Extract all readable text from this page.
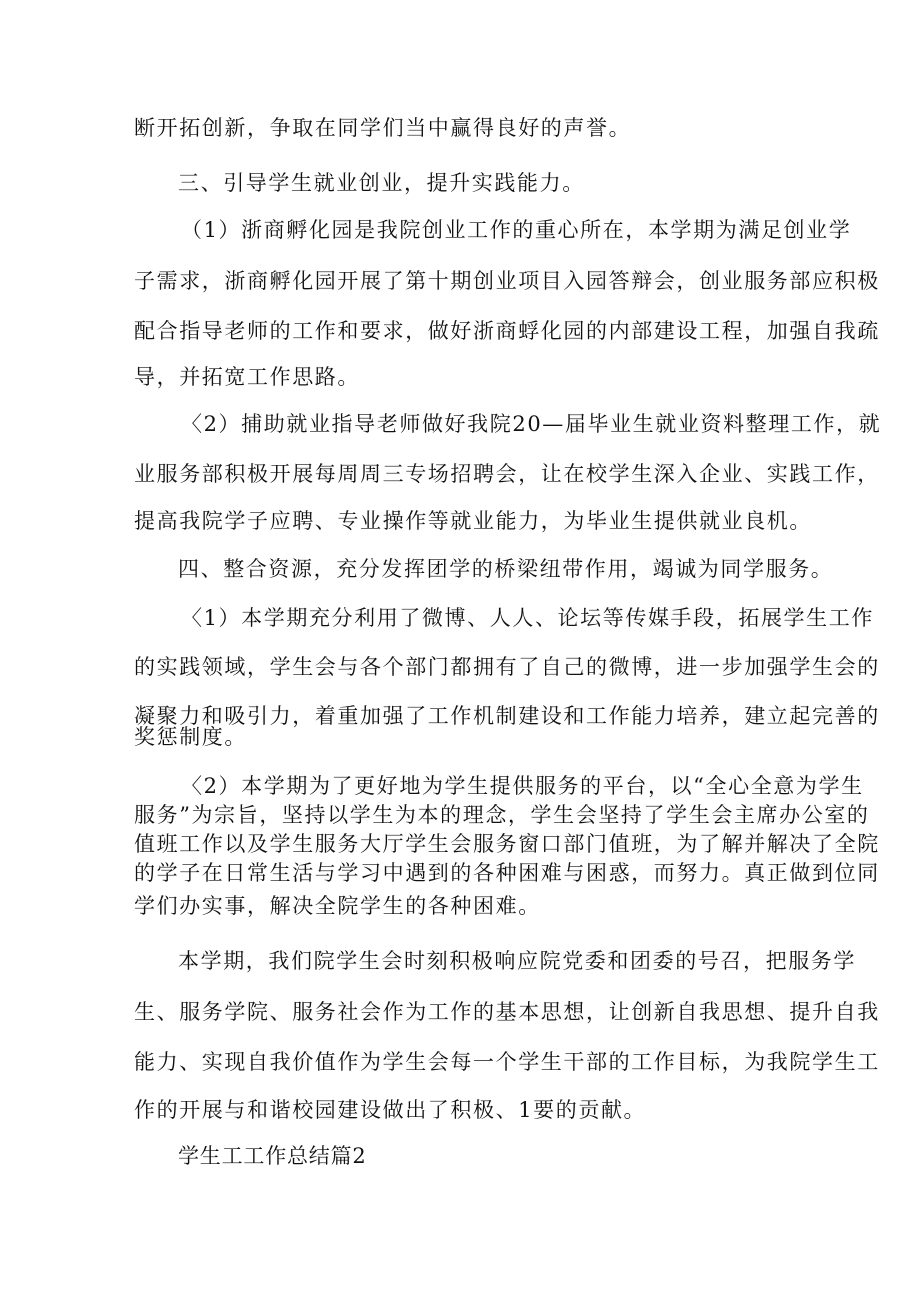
断开拓创新，争取在同学们当中赢得良好的声誉。
三、引导学生就业创业，提升实践能力。
（1）浙商孵化园是我院创业工作的重心所在，本学期为满足创业学
子需求，浙商孵化园开展了第十期创业项目入园答辩会，创业服务部应积极
配合指导老师的工作和要求，做好浙商蜉化园的内部建设工程，加强自我疏
导，并拓宽工作思路。
〈2）捕助就业指导老师做好我院20—届毕业生就业资料整理工作，就
业服务部积极开展每周周三专场招聘会，让在校学生深入企业、实践工作，
提高我院学子应聘、专业操作等就业能力，为毕业生提供就业良机。
四、整合资源，充分发挥团学的桥梁纽带作用，竭诚为同学服务。
〈1）本学期充分利用了微博、人人、论坛等传媒手段，拓展学生工作
的实践领域，学生会与各个部门都拥有了自己的微博，进一步加强学生会的
凝聚力和吸引力，着重加强了工作机制建设和工作能力培养，建立起完善的
奖惩制度。
〈2）本学期为了更好地为学生提供服务的平台，以“全心全意为学生
服务”为宗旨，坚持以学生为本的理念，学生会坚持了学生会主席办公室的
值班工作以及学生服务大厅学生会服务窗口部门值班，为了解并解决了全院
的学子在日常生活与学习中遇到的各种困难与困惑，而努力。真正做到位同
学们办实事，解决全院学生的各种困难。
本学期，我们院学生会时刻积极响应院党委和团委的号召，把服务学
生、服务学院、服务社会作为工作的基本思想，让创新自我思想、提升自我
能力、实现自我价值作为学生会每一个学生干部的工作目标，为我院学生工
作的开展与和谐校园建设做出了积极、1要的贡献。
学生工工作总结篇2
